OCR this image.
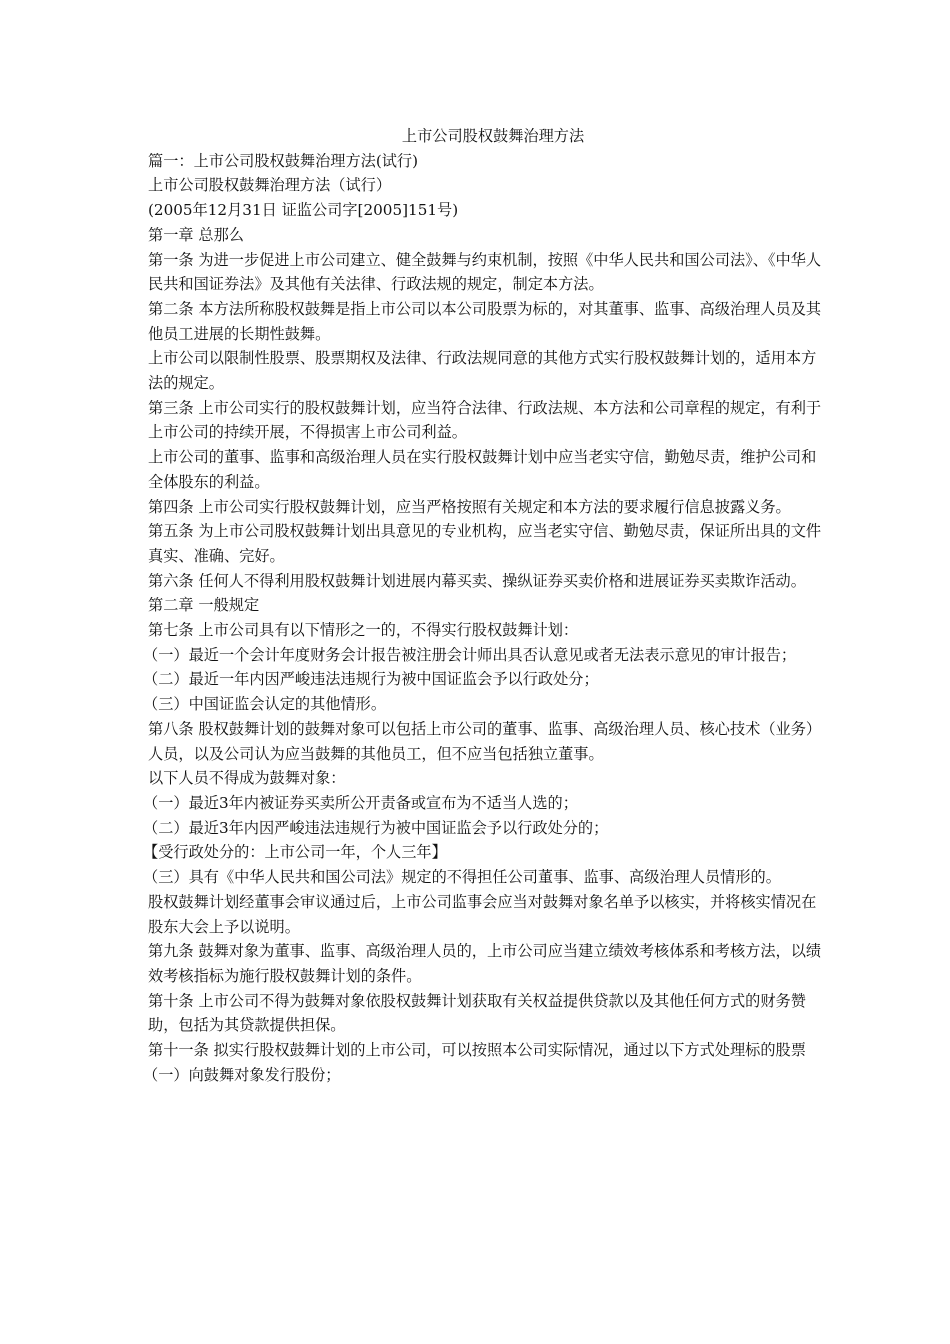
上市公司股权鼓舞治理方法

篇一：上市公司股权鼓舞治理方法(试行)

上市公司股权鼓舞治理方法（试行）

(2005年12月31日 证监公司字[2005]151号)

第一章 总那么

第一条 为进一步促进上市公司建立、健全鼓舞与约束机制，按照《中华人民共和国公司法》、《中华人民共和国证券法》及其他有关法律、行政法规的规定，制定本方法。

第二条 本方法所称股权鼓舞是指上市公司以本公司股票为标的，对其董事、监事、高级治理人员及其他员工进展的长期性鼓舞。

上市公司以限制性股票、股票期权及法律、行政法规同意的其他方式实行股权鼓舞计划的，适用本方法的规定。

第三条 上市公司实行的股权鼓舞计划，应当符合法律、行政法规、本方法和公司章程的规定，有利于上市公司的持续开展，不得损害上市公司利益。

上市公司的董事、监事和高级治理人员在实行股权鼓舞计划中应当老实守信，勤勉尽责，维护公司和全体股东的利益。

第四条 上市公司实行股权鼓舞计划，应当严格按照有关规定和本方法的要求履行信息披露义务。

第五条 为上市公司股权鼓舞计划出具意见的专业机构，应当老实守信、勤勉尽责，保证所出具的文件真实、准确、完好。

第六条 任何人不得利用股权鼓舞计划进展内幕买卖、操纵证券买卖价格和进展证券买卖欺诈活动。

第二章 一般规定

第七条 上市公司具有以下情形之一的，不得实行股权鼓舞计划：

（一）最近一个会计年度财务会计报告被注册会计师出具否认意见或者无法表示意见的审计报告；

（二）最近一年内因严峻违法违规行为被中国证监会予以行政处分；

（三）中国证监会认定的其他情形。

第八条 股权鼓舞计划的鼓舞对象可以包括上市公司的董事、监事、高级治理人员、核心技术（业务）人员，以及公司认为应当鼓舞的其他员工，但不应当包括独立董事。

以下人员不得成为鼓舞对象：

（一）最近3年内被证券买卖所公开责备或宣布为不适当人选的；

（二）最近3年内因严峻违法违规行为被中国证监会予以行政处分的；

【受行政处分的：上市公司一年，个人三年】

（三）具有《中华人民共和国公司法》规定的不得担任公司董事、监事、高级治理人员情形的。

股权鼓舞计划经董事会审议通过后，上市公司监事会应当对鼓舞对象名单予以核实，并将核实情况在股东大会上予以说明。

第九条 鼓舞对象为董事、监事、高级治理人员的，上市公司应当建立绩效考核体系和考核方法，以绩效考核指标为施行股权鼓舞计划的条件。

第十条 上市公司不得为鼓舞对象依股权鼓舞计划获取有关权益提供贷款以及其他任何方式的财务赞助，包括为其贷款提供担保。

第十一条 拟实行股权鼓舞计划的上市公司，可以按照本公司实际情况，通过以下方式处理标的股票

（一）向鼓舞对象发行股份；
